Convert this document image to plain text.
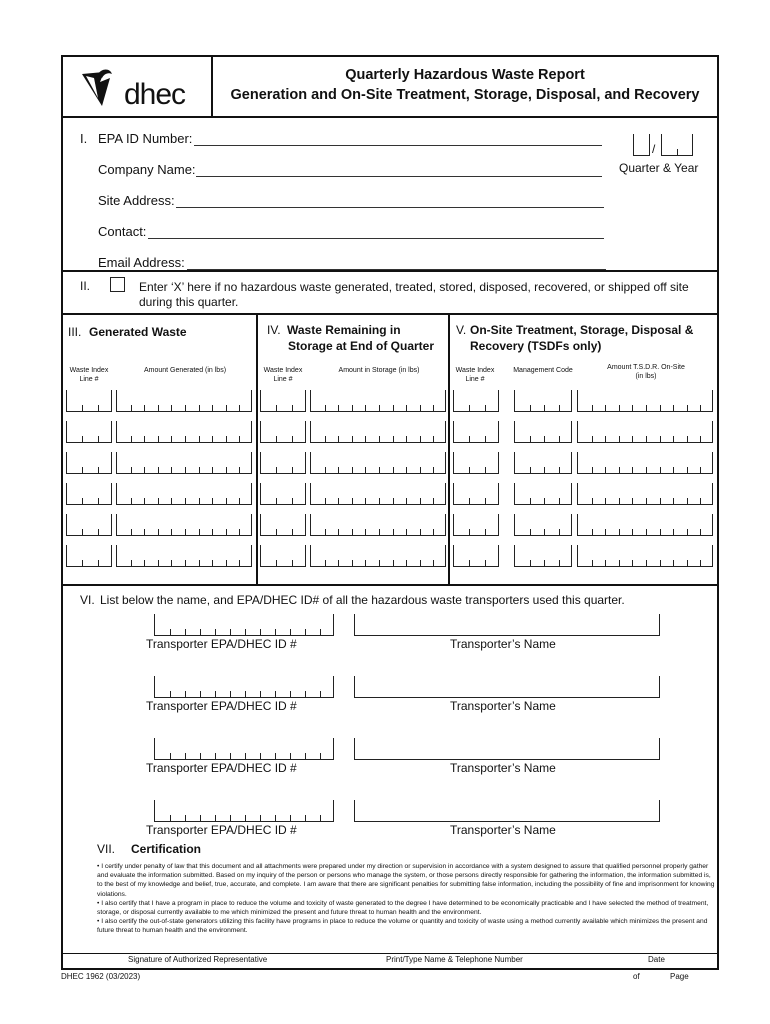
dhec
Quarterly Hazardous Waste Report
Generation and On-Site Treatment, Storage, Disposal, and Recovery
I. EPA ID Number:
Company Name:
Site Address:
Contact:
Email Address:
/
Quarter & Year
II.	Enter ‘X’ here if no hazardous waste generated, treated, stored, disposed, recovered, or shipped off site
during this quarter.
III. Generated Waste
Waste Index Line #
Amount Generated (in lbs)
IV. Waste Remaining in
Storage at End of Quarter
Waste Index Line #
Amount in Storage (in lbs)
V. On-Site Treatment, Storage, Disposal &
Recovery (TSDFs only)
Waste Index Line #
Management Code	Amount T.S.D.R. On-Site (in lbs)
VI. List below the name, and EPA/DHEC ID# of all the hazardous waste transporters used this quarter.
Transporter EPA/DHEC ID #	Transporter’s Name
Transporter EPA/DHEC ID #	Transporter’s Name
Transporter EPA/DHEC ID #	Transporter’s Name
Transporter EPA/DHEC ID #	Transporter’s Name
VII. Certification

• I certify under penalty of law that this document and all attachments were prepared under my direction or supervision in accordance with a system designed to assure that qualified personnel properly gather and evaluate the information submitted. Based on my inquiry of the person or persons who manage the system, or those persons directly responsible for gathering the information, the information submitted is, to the best of my knowledge and belief, true, accurate, and complete. I am aware that there are significant penalties for submitting false information, including the possibility of fine and imprisonment for knowing violations.

• I also certify that I have a program in place to reduce the volume and toxicity of waste generated to the degree I have determined to be economically practicable and I have selected the method of treatment, storage, or disposal currently available to me which minimized the present and future threat to human health and the environment.

• I also certify the out-of-state generators utilizing this facility have programs in place to reduce the volume or quantity and toxicity of waste using a method currently available which minimizes the present and future threat to human health and the environment.

Signature of Authorized Representative	Print/Type Name & Telephone Number	Date
DHEC 1962 (03/2023)	of	Page
